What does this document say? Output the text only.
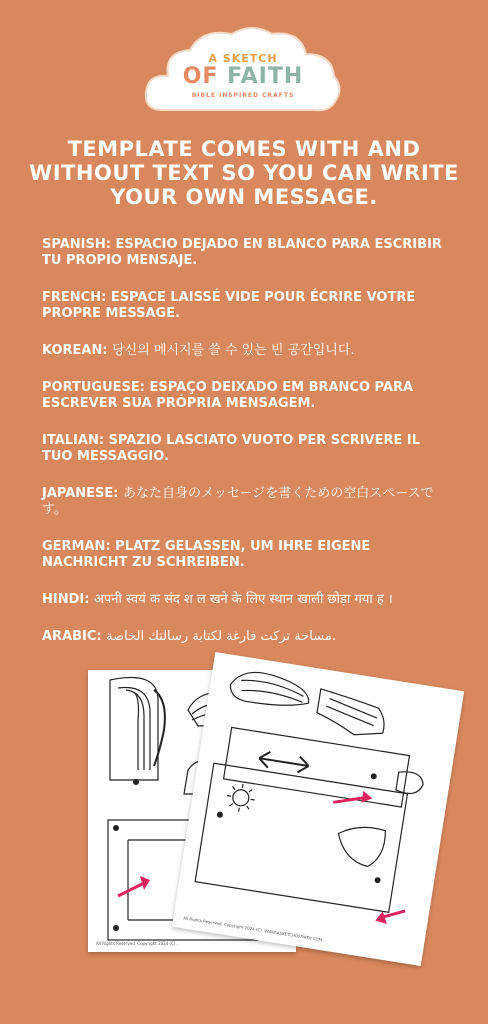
A SKETCH
OF FAITH
BIBLE INSPIRED CRAFTS
TEMPLATE COMES WITH AND WITHOUT TEXT SO YOU CAN WRITE YOUR OWN MESSAGE.
SPANISH: ESPACIO DEJADO EN BLANCO PARA ESCRIBIR TU PROPIO MENSAJE.
FRENCH: ESPACE LAISSÉ VIDE POUR ÉCRIRE VOTRE PROPRE MESSAGE.
KOREAN: 당신의 메시지를 쓸 수 있는 빈 공간입니다.
PORTUGUESE: ESPAÇO DEIXADO EM BRANCO PARA ESCREVER SUA PRÓPRIA MENSAGEM.
ITALIAN: SPAZIO LASCIATO VUOTO PER SCRIVERE IL TUO MESSAGGIO.
JAPANESE: あなた自身のメッセージを書くための空白スペースです。
GERMAN: PLATZ GELASSEN, UM IHRE EIGENE NACHRICHT ZU SCHREIBEN.
HINDI: अपनी स्वयं क संद श ल खने के लिए स्थान खाली छोड़ा गया ह ।
ARABIC: مساحة تركت فارغة لكتابة رسالتك الخاصة.
All Rights Reserved. Copyright 2024 (C) .
All Rights Reserved. Copyright 2024 (C). WWW.ASKETCHOFFAITH.COM
